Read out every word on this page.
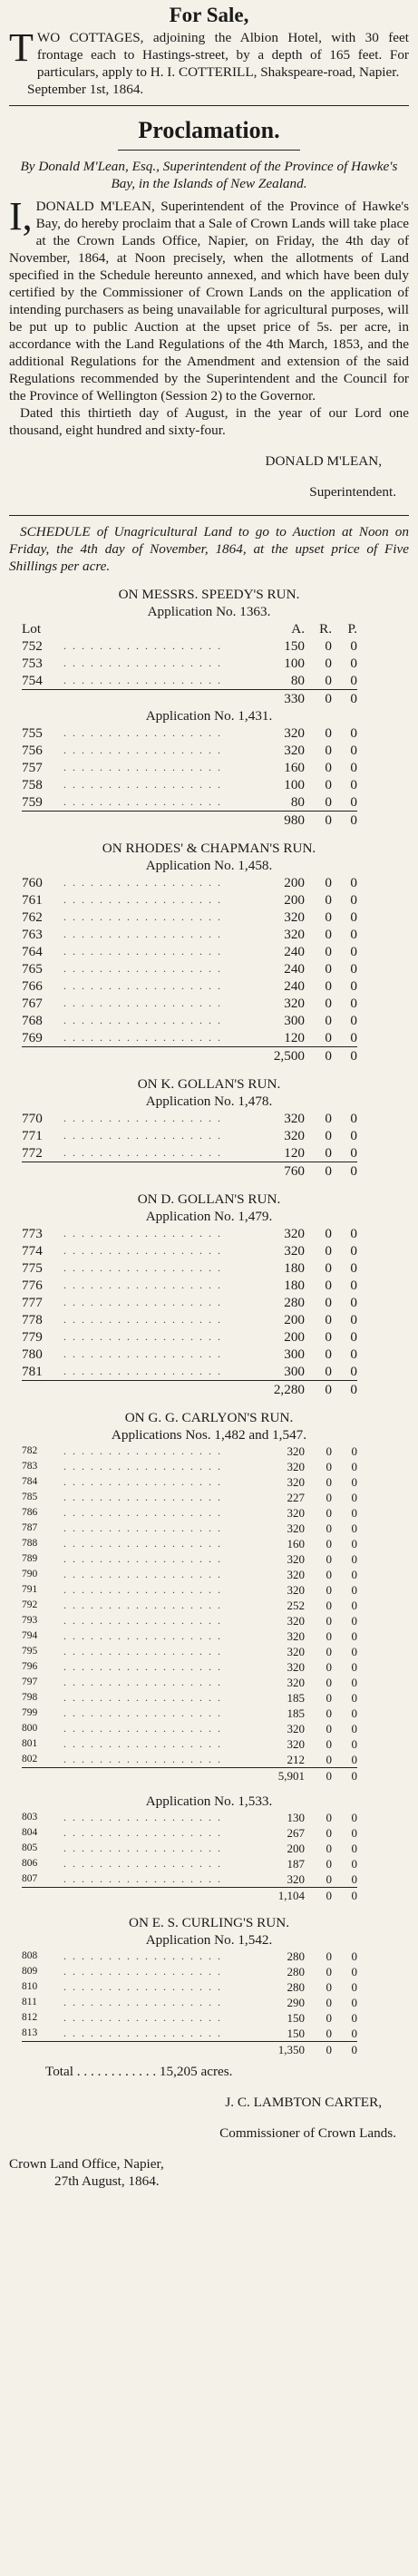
For Sale,

TWO COTTAGES, adjoining the Albion Hotel, with 30 feet frontage each to Hastings-street, by a depth of 165 feet. For particulars, apply to H. I. COTTERILL, Shakspeare-road, Napier.

September 1st, 1864.

Proclamation.

By Donald M'Lean, Esq., Superintendent of the Province of Hawke's Bay, in the Islands of New Zealand.

I, DONALD M'LEAN, Superintendent of the Province of Hawke's Bay, do hereby proclaim that a Sale of Crown Lands will take place at the Crown Lands Office, Napier, on Friday, the 4th day of November, 1864, at Noon precisely, when the allotments of Land specified in the Schedule hereunto annexed, and which have been duly certified by the Commissioner of Crown Lands on the application of intending purchasers as being unavailable for agricultural purposes, will be put up to public Auction at the upset price of 5s. per acre, in accordance with the Land Regulations of the 4th March, 1853, and the additional Regulations for the Amendment and extension of the said Regulations recommended by the Superintendent and the Council for the Province of Wellington (Session 2) to the Governor.

Dated this thirtieth day of August, in the year of our Lord one thousand, eight hundred and sixty-four.

DONALD M'LEAN,

Superintendent.

SCHEDULE of Unagricultural Land to go to Auction at Noon on Friday, the 4th day of November, 1864, at the upset price of Five Shillings per acre.

ON MESSRS. SPEEDY'S RUN.
Application No. 1363.
Lot		A.	R.	P.
752	. . . . . . . . . . . . . . . . . .	150	0	0
753	. . . . . . . . . . . . . . . . . .	100	0	0
754	. . . . . . . . . . . . . . . . . .	80	0	0
		330	0	0
Application No. 1,431.
755	. . . . . . . . . . . . . . . . . .	320	0	0
756	. . . . . . . . . . . . . . . . . .	320	0	0
757	. . . . . . . . . . . . . . . . . .	160	0	0
758	. . . . . . . . . . . . . . . . . .	100	0	0
759	. . . . . . . . . . . . . . . . . .	80	0	0
		980	0	0
ON RHODES' & CHAPMAN'S RUN.
Application No. 1,458.
760	. . . . . . . . . . . . . . . . . .	200	0	0
761	. . . . . . . . . . . . . . . . . .	200	0	0
762	. . . . . . . . . . . . . . . . . .	320	0	0
763	. . . . . . . . . . . . . . . . . .	320	0	0
764	. . . . . . . . . . . . . . . . . .	240	0	0
765	. . . . . . . . . . . . . . . . . .	240	0	0
766	. . . . . . . . . . . . . . . . . .	240	0	0
767	. . . . . . . . . . . . . . . . . .	320	0	0
768	. . . . . . . . . . . . . . . . . .	300	0	0
769	. . . . . . . . . . . . . . . . . .	120	0	0
		2,500	0	0
ON K. GOLLAN'S RUN.
Application No. 1,478.
770	. . . . . . . . . . . . . . . . . .	320	0	0
771	. . . . . . . . . . . . . . . . . .	320	0	0
772	. . . . . . . . . . . . . . . . . .	120	0	0
		760	0	0
ON D. GOLLAN'S RUN.
Application No. 1,479.
773	. . . . . . . . . . . . . . . . . .	320	0	0
774	. . . . . . . . . . . . . . . . . .	320	0	0
775	. . . . . . . . . . . . . . . . . .	180	0	0
776	. . . . . . . . . . . . . . . . . .	180	0	0
777	. . . . . . . . . . . . . . . . . .	280	0	0
778	. . . . . . . . . . . . . . . . . .	200	0	0
779	. . . . . . . . . . . . . . . . . .	200	0	0
780	. . . . . . . . . . . . . . . . . .	300	0	0
781	. . . . . . . . . . . . . . . . . .	300	0	0
		2,280	0	0
ON G. G. CARLYON'S RUN.
Applications Nos. 1,482 and 1,547.
782	. . . . . . . . . . . . . . . . . .	320	0	0
783	. . . . . . . . . . . . . . . . . .	320	0	0
784	. . . . . . . . . . . . . . . . . .	320	0	0
785	. . . . . . . . . . . . . . . . . .	227	0	0
786	. . . . . . . . . . . . . . . . . .	320	0	0
787	. . . . . . . . . . . . . . . . . .	320	0	0
788	. . . . . . . . . . . . . . . . . .	160	0	0
789	. . . . . . . . . . . . . . . . . .	320	0	0
790	. . . . . . . . . . . . . . . . . .	320	0	0
791	. . . . . . . . . . . . . . . . . .	320	0	0
792	. . . . . . . . . . . . . . . . . .	252	0	0
793	. . . . . . . . . . . . . . . . . .	320	0	0
794	. . . . . . . . . . . . . . . . . .	320	0	0
795	. . . . . . . . . . . . . . . . . .	320	0	0
796	. . . . . . . . . . . . . . . . . .	320	0	0
797	. . . . . . . . . . . . . . . . . .	320	0	0
798	. . . . . . . . . . . . . . . . . .	185	0	0
799	. . . . . . . . . . . . . . . . . .	185	0	0
800	. . . . . . . . . . . . . . . . . .	320	0	0
801	. . . . . . . . . . . . . . . . . .	320	0	0
802	. . . . . . . . . . . . . . . . . .	212	0	0
		5,901	0	0
Application No. 1,533.
803	. . . . . . . . . . . . . . . . . .	130	0	0
804	. . . . . . . . . . . . . . . . . .	267	0	0
805	. . . . . . . . . . . . . . . . . .	200	0	0
806	. . . . . . . . . . . . . . . . . .	187	0	0
807	. . . . . . . . . . . . . . . . . .	320	0	0
		1,104	0	0
ON E. S. CURLING'S RUN.
Application No. 1,542.
808	. . . . . . . . . . . . . . . . . .	280	0	0
809	. . . . . . . . . . . . . . . . . .	280	0	0
810	. . . . . . . . . . . . . . . . . .	280	0	0
811	. . . . . . . . . . . . . . . . . .	290	0	0
812	. . . . . . . . . . . . . . . . . .	150	0	0
813	. . . . . . . . . . . . . . . . . .	150	0	0
		1,350	0	0

Total . . . . . . . . . . . . 15,205 acres.

J. C. LAMBTON CARTER,

Commissioner of Crown Lands.

Crown Land Office, Napier,

27th August, 1864.
